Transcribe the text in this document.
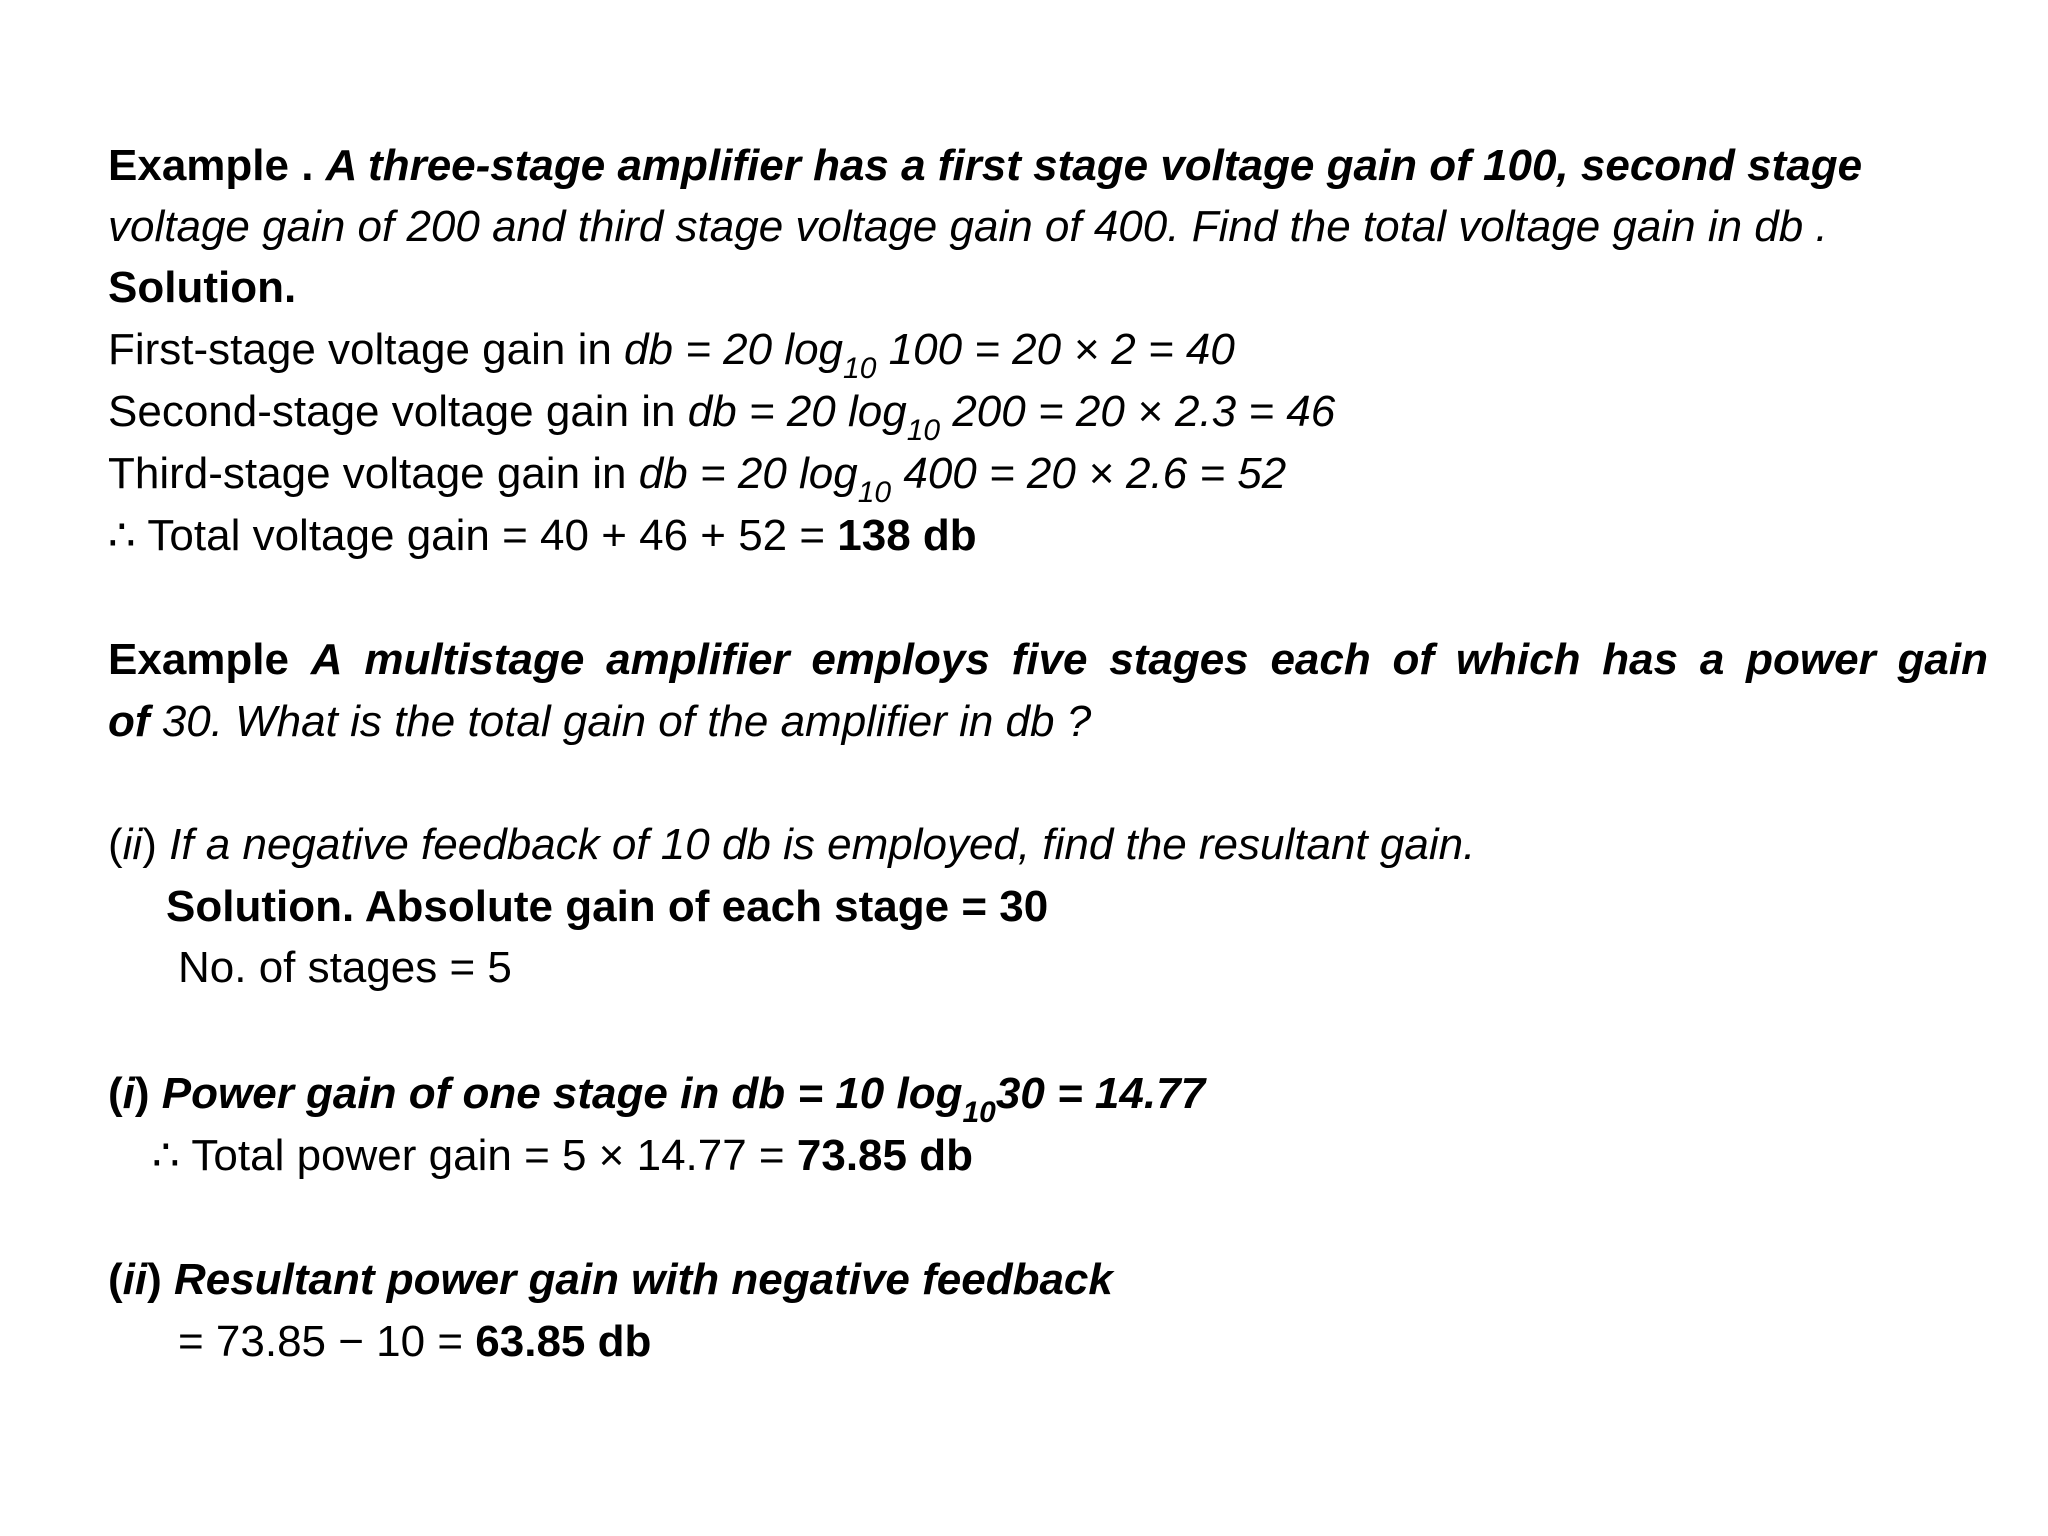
Example . A three-stage amplifier has a first stage voltage gain of 100, second stage
voltage gain of 200 and third stage voltage gain of 400. Find the total voltage gain in db .
Solution.
First-stage voltage gain in db = 20 $\log_{10} 100 = 20 \times 2 = 40$
Second-stage voltage gain in db = 20 $\log_{10} 200 = 20 \times 2.3 = 46$
Third-stage voltage gain in db = 20 $\log_{10} 400 = 20 \times 2.6 = 52$
∴ Total voltage gain = 40 + 46 + 52 = 138 db
Example A multistage amplifier employs five stages each of which has a power gain
of 30. What is the total gain of the amplifier in db ?
(ii) If a negative feedback of 10 db is employed, find the resultant gain.
Solution. Absolute gain of each stage = 30
No. of stages = 5
(i) Power gain of one stage in db = 10 $\log_{10}30 = 14.77$
∴ Total power gain = 5 × 14.77 = 73.85 db
(ii) Resultant power gain with negative feedback
= 73.85 − 10 = 63.85 db
